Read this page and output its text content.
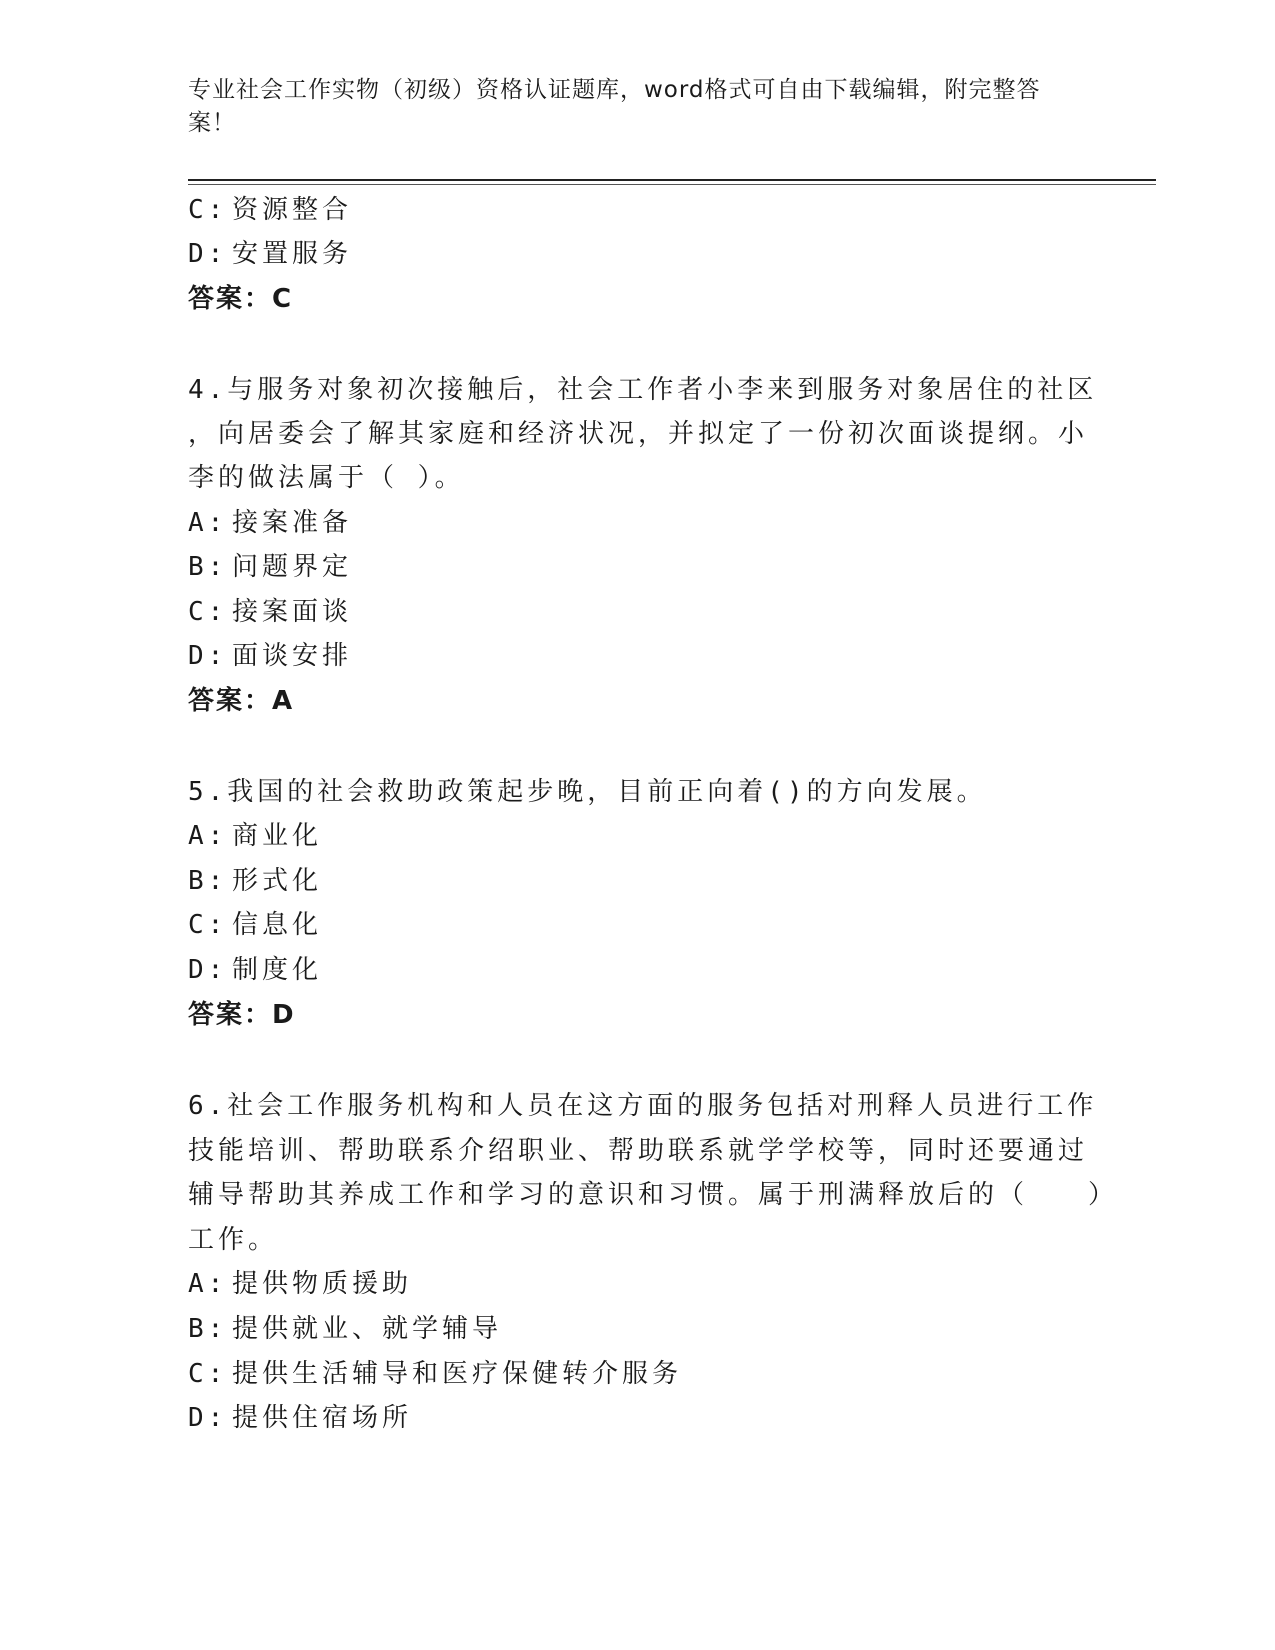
专业社会工作实物（初级）资格认证题库，word格式可自由下载编辑，附完整答案！
C: 资源整合
D: 安置服务
答案：C
4.与服务对象初次接触后，社会工作者小李来到服务对象居住的社区
，向居委会了解其家庭和经济状况，并拟定了一份初次面谈提纲。小
李的做法属于（ ）。
A: 接案准备
B: 问题界定
C: 接案面谈
D: 面谈安排
答案：A
5.我国的社会救助政策起步晚，目前正向着()的方向发展。
A: 商业化
B: 形式化
C: 信息化
D: 制度化
答案：D
6.社会工作服务机构和人员在这方面的服务包括对刑释人员进行工作
技能培训、帮助联系介绍职业、帮助联系就学学校等，同时还要通过
辅导帮助其养成工作和学习的意识和习惯。属于刑满释放后的（　　）
工作。
A: 提供物质援助
B: 提供就业、就学辅导
C: 提供生活辅导和医疗保健转介服务
D: 提供住宿场所
